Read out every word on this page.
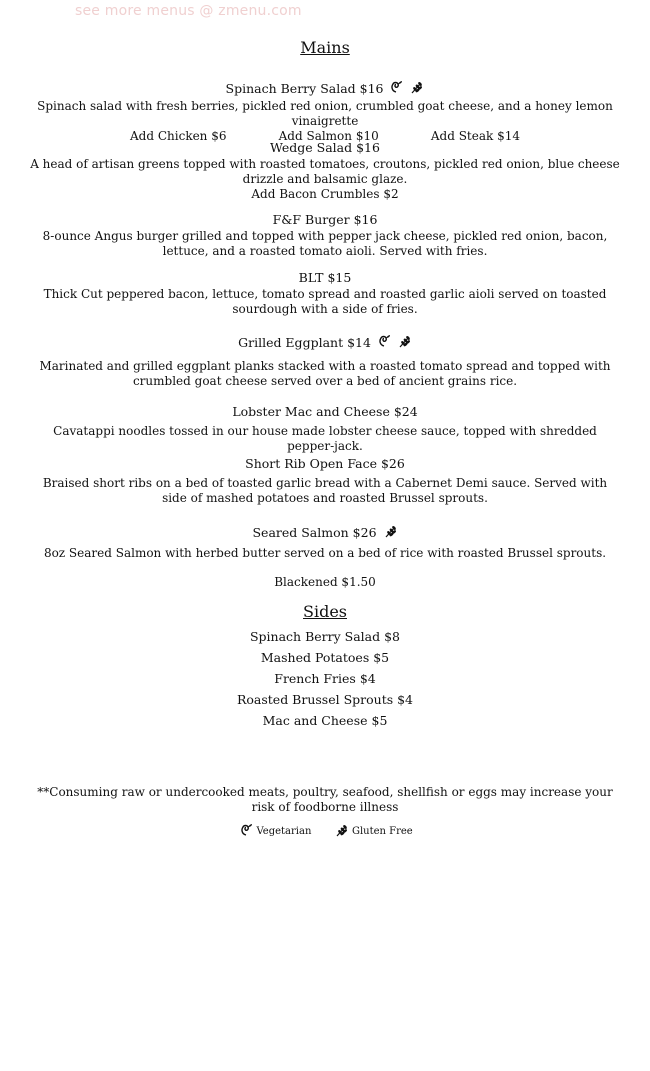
see more menus @ zmenu.com
Mains
Spinach Berry Salad $16
Spinach salad with fresh berries, pickled red onion, crumbled goat cheese, and a honey lemon vinaigrette
Add Chicken $6	Add Salmon $10	Add Steak $14
Wedge Salad $16
A head of artisan greens topped with roasted tomatoes, croutons, pickled red onion, blue cheese drizzle and balsamic glaze.
Add Bacon Crumbles $2
F&F Burger $16
8-ounce Angus burger grilled and topped with pepper jack cheese, pickled red onion, bacon, lettuce, and a roasted tomato aioli. Served with fries.
BLT $15
Thick Cut peppered bacon, lettuce, tomato spread and roasted garlic aioli served on toasted sourdough with a side of fries.
Grilled Eggplant $14
Marinated and grilled eggplant planks stacked with a roasted tomato spread and topped with crumbled goat cheese served over a bed of ancient grains rice.
Lobster Mac and Cheese $24
Cavatappi noodles tossed in our house made lobster cheese sauce, topped with shredded pepper-jack.
Short Rib Open Face $26
Braised short ribs on a bed of toasted garlic bread with a Cabernet Demi sauce. Served with side of mashed potatoes and roasted Brussel sprouts.
Seared Salmon $26
8oz Seared Salmon with herbed butter served on a bed of rice with roasted Brussel sprouts.
Blackened $1.50
Sides
Spinach Berry Salad $8
Mashed Potatoes $5
French Fries $4
Roasted Brussel Sprouts $4
Mac and Cheese $5
**Consuming raw or undercooked meats, poultry, seafood, shellfish or eggs may increase your risk of foodborne illness
Vegetarian	Gluten Free
